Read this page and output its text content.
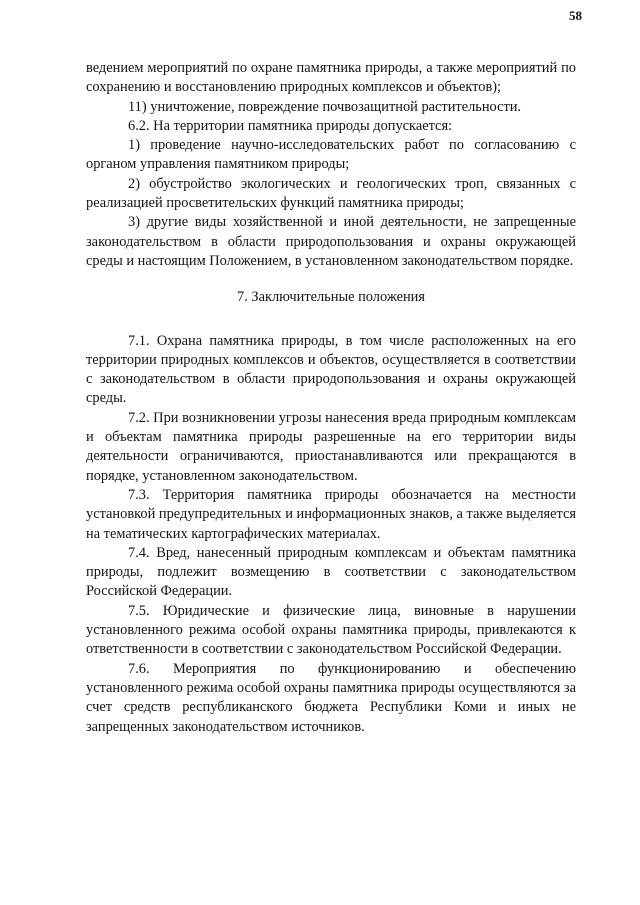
58

ведением мероприятий по охране памятника природы, а также мероприятий по сохранению и восстановлению природных комплексов и объектов);

11) уничтожение, повреждение почвозащитной растительности.

6.2. На территории памятника природы допускается:

1) проведение научно-исследовательских работ по согласованию с органом управления памятником природы;

2) обустройство экологических и геологических троп, связанных с реализацией просветительских функций памятника природы;

3) другие виды хозяйственной и иной деятельности, не запрещенные законодательством в области природопользования и охраны окружающей среды и настоящим Положением, в установленном законодательством порядке.

7. Заключительные положения

7.1. Охрана памятника природы, в том числе расположенных на его территории природных комплексов и объектов, осуществляется в соответствии с законодательством в области природопользования и охраны окружающей среды.

7.2. При возникновении угрозы нанесения вреда природным комплексам и объектам памятника природы разрешенные на его территории виды деятельности ограничиваются, приостанавливаются или прекращаются в порядке, установленном законодательством.

7.3. Территория памятника природы обозначается на местности установкой предупредительных и информационных знаков, а также выделяется на тематических картографических материалах.

7.4. Вред, нанесенный природным комплексам и объектам памятника природы, подлежит возмещению в соответствии с законодательством Российской Федерации.

7.5. Юридические и физические лица, виновные в нарушении установленного режима особой охраны памятника природы, привлекаются к ответственности в соответствии с законодательством Российской Федерации.

7.6. Мероприятия по функционированию и обеспечению установленного режима особой охраны памятника природы осуществляются за счет средств республиканского бюджета Республики Коми и иных не запрещенных законодательством источников.
